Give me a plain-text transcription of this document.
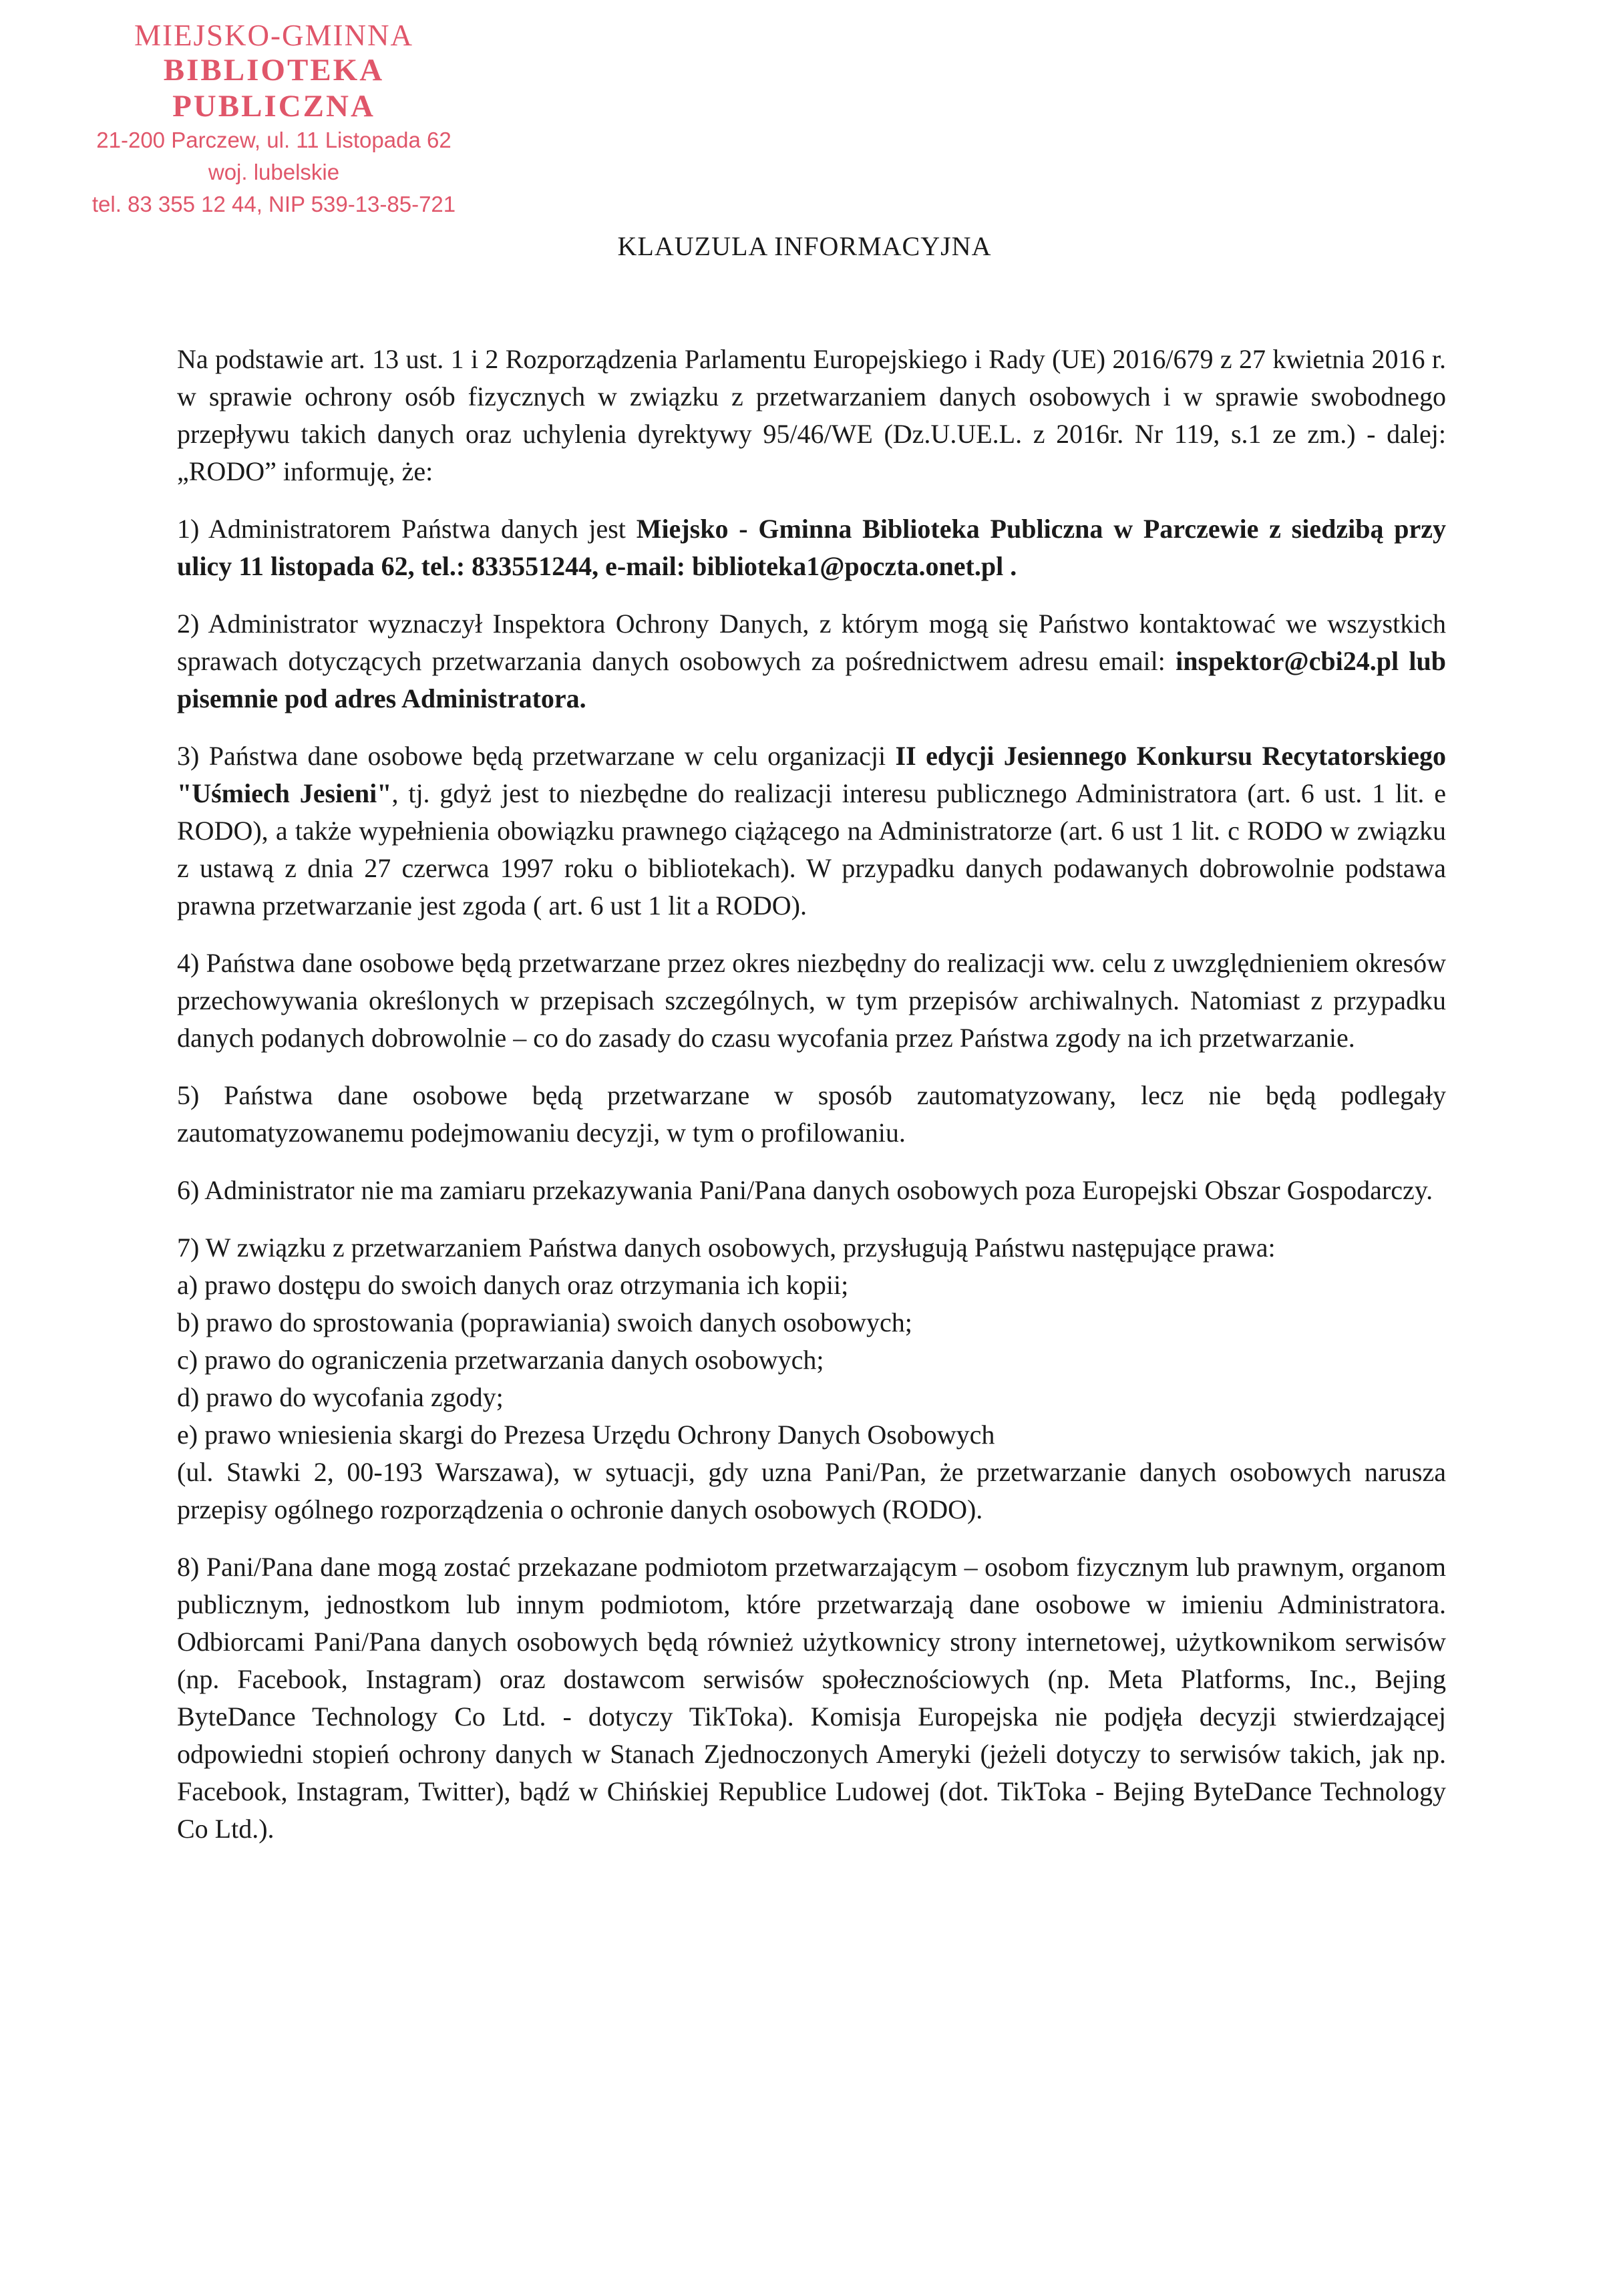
MIEJSKO-GMINNA
BIBLIOTEKA PUBLICZNA
21-200 Parczew, ul. 11 Listopada 62
woj. lubelskie
tel. 83 355 12 44, NIP 539-13-85-721
KLAUZULA INFORMACYJNA

Na podstawie art. 13 ust. 1 i 2 Rozporządzenia Parlamentu Europejskiego i Rady (UE) 2016/679 z 27 kwietnia 2016 r. w sprawie ochrony osób fizycznych w związku z przetwarzaniem danych osobowych i w sprawie swobodnego przepływu takich danych oraz uchylenia dyrektywy 95/46/WE (Dz.U.UE.L. z 2016r. Nr 119, s.1 ze zm.) - dalej: „RODO” informuję, że:

1) Administratorem Państwa danych jest Miejsko - Gminna Biblioteka Publiczna w Parczewie z siedzibą przy ulicy 11 listopada 62, tel.: 833551244, e-mail: biblioteka1@poczta.onet.pl .

2) Administrator wyznaczył Inspektora Ochrony Danych, z którym mogą się Państwo kontaktować we wszystkich sprawach dotyczących przetwarzania danych osobowych za pośrednictwem adresu email: inspektor@cbi24.pl lub pisemnie pod adres Administratora.

3) Państwa dane osobowe będą przetwarzane w celu organizacji II edycji Jesiennego Konkursu Recytatorskiego "Uśmiech Jesieni", tj. gdyż jest to niezbędne do realizacji interesu publicznego Administratora (art. 6 ust. 1 lit. e RODO), a także wypełnienia obowiązku prawnego ciążącego na Administratorze (art. 6 ust 1 lit. c RODO w związku z ustawą z dnia 27 czerwca 1997 roku o bibliotekach). W przypadku danych podawanych dobrowolnie podstawa prawna przetwarzanie jest zgoda ( art. 6 ust 1 lit a RODO).

4) Państwa dane osobowe będą przetwarzane przez okres niezbędny do realizacji ww. celu z uwzględnieniem okresów przechowywania określonych w przepisach szczególnych, w tym przepisów archiwalnych. Natomiast z przypadku danych podanych dobrowolnie – co do zasady do czasu wycofania przez Państwa zgody na ich przetwarzanie.

5) Państwa dane osobowe będą przetwarzane w sposób zautomatyzowany, lecz nie będą podlegały zautomatyzowanemu podejmowaniu decyzji, w tym o profilowaniu.

6) Administrator nie ma zamiaru przekazywania Pani/Pana danych osobowych poza Europejski Obszar Gospodarczy.

7) W związku z przetwarzaniem Państwa danych osobowych, przysługują Państwu następujące prawa:
a) prawo dostępu do swoich danych oraz otrzymania ich kopii;
b) prawo do sprostowania (poprawiania) swoich danych osobowych;
c) prawo do ograniczenia przetwarzania danych osobowych;
d) prawo do wycofania zgody;
e) prawo wniesienia skargi do Prezesa Urzędu Ochrony Danych Osobowych
(ul. Stawki 2, 00-193 Warszawa), w sytuacji, gdy uzna Pani/Pan, że przetwarzanie danych osobowych narusza przepisy ogólnego rozporządzenia o ochronie danych osobowych (RODO).

8) Pani/Pana dane mogą zostać przekazane podmiotom przetwarzającym – osobom fizycznym lub prawnym, organom publicznym, jednostkom lub innym podmiotom, które przetwarzają dane osobowe w imieniu Administratora. Odbiorcami Pani/Pana danych osobowych będą również użytkownicy strony internetowej, użytkownikom serwisów (np. Facebook, Instagram) oraz dostawcom serwisów społecznościowych (np. Meta Platforms, Inc., Bejing ByteDance Technology Co Ltd. - dotyczy TikToka). Komisja Europejska nie podjęła decyzji stwierdzającej odpowiedni stopień ochrony danych w Stanach Zjednoczonych Ameryki (jeżeli dotyczy to serwisów takich, jak np. Facebook, Instagram, Twitter), bądź w Chińskiej Republice Ludowej (dot. TikToka - Bejing ByteDance Technology Co Ltd.).
